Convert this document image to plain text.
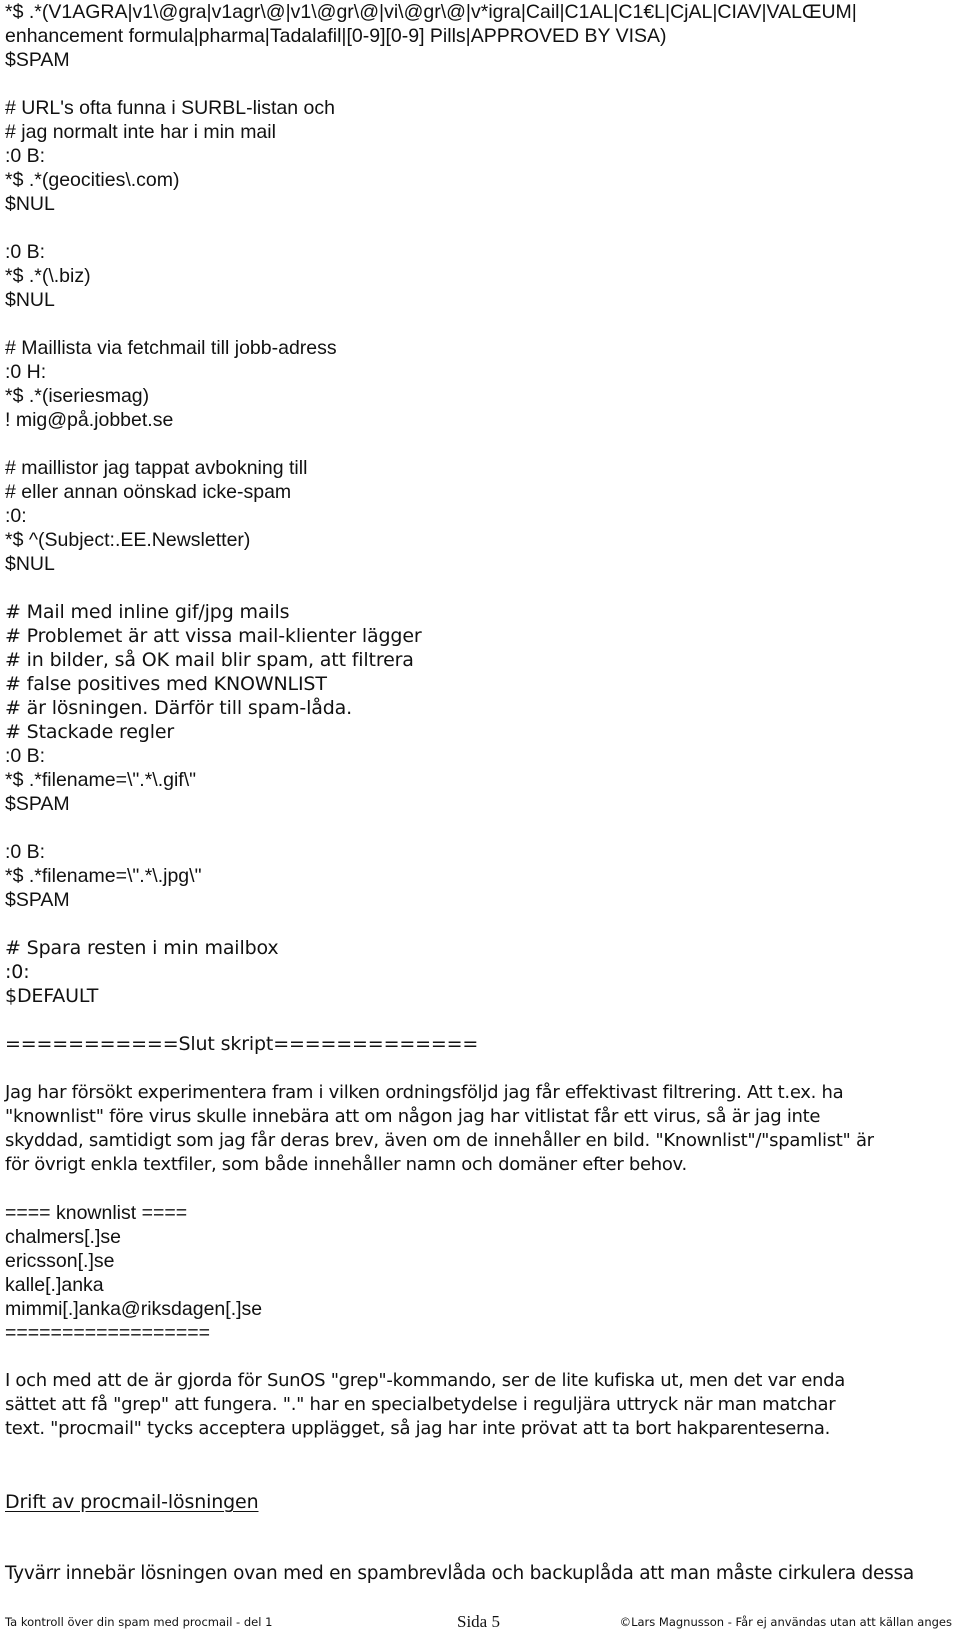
*$ .*(V1AGRA|v1\@gra|v1agr\@|v1\@gr\@|vi\@gr\@|v*igra|Cail|C1AL|C1€L|CjAL|CIAV|VALŒUM|
enhancement formula|pharma|Tadalafil|[0-9][0-9] Pills|APPROVED BY VISA)
$SPAM
# URL's ofta funna i SURBL-listan och
# jag normalt inte har i min mail
:0 B:
*$ .*(geocities\.com)
$NUL
:0 B:
*$ .*(\.biz)
$NUL
# Maillista via fetchmail till jobb-adress
:0 H:
*$ .*(iseriesmag)
! mig@på.jobbet.se
# maillistor jag tappat avbokning till
# eller annan oönskad icke-spam
:0:
*$ ^(Subject:.EE.Newsletter)
$NUL
# Mail med inline gif/jpg mails
# Problemet är att vissa mail-klienter lägger
# in bilder, så OK mail blir spam, att filtrera
# false positives med KNOWNLIST
# är lösningen. Därför till spam-låda.
# Stackade regler
:0 B:
*$ .*filename=\".*\.gif\"
$SPAM
:0 B:
*$ .*filename=\".*\.jpg\"
$SPAM
# Spara resten i min mailbox
:0:
$DEFAULT
===========Slut skript=============
Jag har försökt experimentera fram i vilken ordningsföljd jag får effektivast filtrering. Att t.ex. ha
"knownlist" före virus skulle innebära att om någon jag har vitlistat får ett virus, så är jag inte
skyddad, samtidigt som jag får deras brev, även om de innehåller en bild. "Knownlist"/"spamlist" är
för övrigt enkla textfiler, som både innehåller namn och domäner efter behov.
==== knownlist ====
chalmers[.]se
ericsson[.]se
kalle[.]anka
mimmi[.]anka@riksdagen[.]se
==================
I och med att de är gjorda för SunOS "grep"-kommando, ser de lite kufiska ut, men det var enda
sättet att få "grep" att fungera. "." har en specialbetydelse i reguljära uttryck när man matchar
text. "procmail" tycks acceptera upplägget, så jag har inte prövat att ta bort hakparenteserna.
Drift av procmail-lösningen
Tyvärr innebär lösningen ovan med en spambrevlåda och backuplåda att man måste cirkulera dessa
Ta kontroll över din spam med procmail - del 1	Sida 5	©Lars Magnusson - Får ej användas utan att källan anges
